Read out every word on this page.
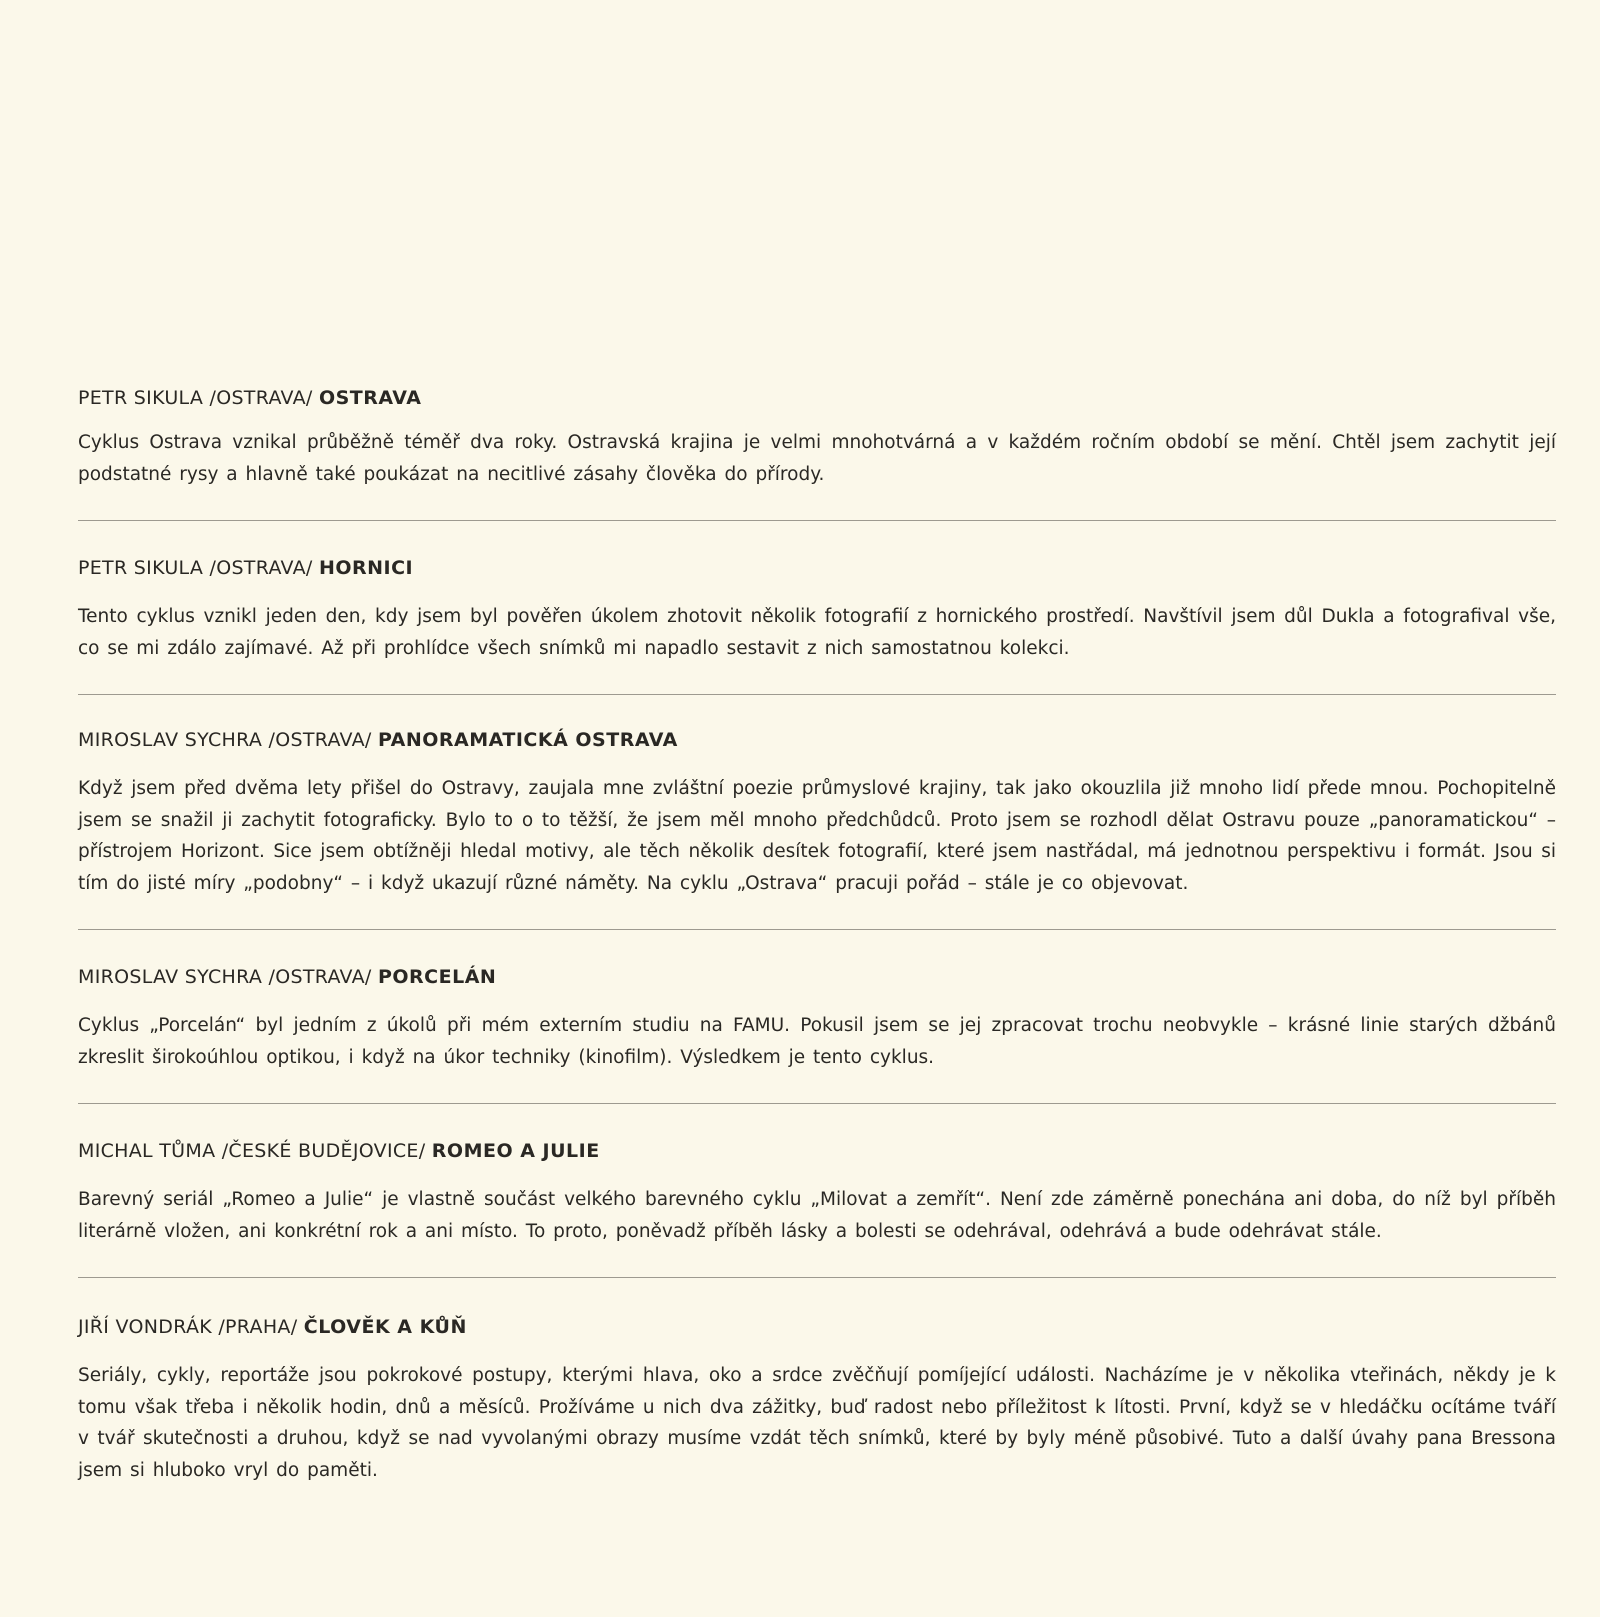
PETR SIKULA /OSTRAVA/ OSTRAVA

Cyklus Ostrava vznikal průběžně téměř dva roky. Ostravská krajina je velmi mnohotvárná a v každém ročním období se mění. Chtěl jsem zachytit její podstatné rysy a hlavně také poukázat na necitlivé zásahy člověka do přírody.

PETR SIKULA /OSTRAVA/ HORNICI

Tento cyklus vznikl jeden den, kdy jsem byl pověřen úkolem zhotovit několik fotografií z hornického prostředí. Navštívil jsem důl Dukla a fotografival vše, co se mi zdálo zajímavé. Až při prohlídce všech snímků mi napadlo sestavit z nich samostatnou kolekci.

MIROSLAV SYCHRA /OSTRAVA/ PANORAMATICKÁ OSTRAVA

Když jsem před dvěma lety přišel do Ostravy, zaujala mne zvláštní poezie průmyslové krajiny, tak jako okouzlila již mnoho lidí přede mnou. Pochopitelně jsem se snažil ji zachytit fotograficky. Bylo to o to těžší, že jsem měl mnoho předchůdců. Proto jsem se rozhodl dělat Ostravu pouze „panoramatickou“ – přístrojem Horizont. Sice jsem obtížněji hledal motivy, ale těch několik desítek fotografií, které jsem nastřádal, má jednotnou perspektivu i formát. Jsou si tím do jisté míry „podobny“ – i když ukazují různé náměty. Na cyklu „Ostrava“ pracuji pořád – stále je co objevovat.

MIROSLAV SYCHRA /OSTRAVA/ PORCELÁN

Cyklus „Porcelán“ byl jedním z úkolů při mém externím studiu na FAMU. Pokusil jsem se jej zpracovat trochu neobvykle – krásné linie starých džbánů zkreslit širokoúhlou optikou, i když na úkor techniky (kinofilm). Výsledkem je tento cyklus.

MICHAL TŮMA /ČESKÉ BUDĚJOVICE/ ROMEO A JULIE

Barevný seriál „Romeo a Julie“ je vlastně součást velkého barevného cyklu „Milovat a zemřít“. Není zde záměrně ponechána ani doba, do níž byl příběh literárně vložen, ani konkrétní rok a ani místo. To proto, poněvadž příběh lásky a bolesti se odehrával, odehrává a bude odehrávat stále.

JIŘÍ VONDRÁK /PRAHA/ ČLOVĚK A KŮŇ

Seriály, cykly, reportáže jsou pokrokové postupy, kterými hlava, oko a srdce zvěčňují pomíjející události. Nacházíme je v několika vteřinách, někdy je k tomu však třeba i několik hodin, dnů a měsíců. Prožíváme u nich dva zážitky, buď radost nebo příležitost k lítosti. První, když se v hledáčku ocítáme tváří v tvář skutečnosti a druhou, když se nad vyvolanými obrazy musíme vzdát těch snímků, které by byly méně působivé. Tuto a další úvahy pana Bressona jsem si hluboko vryl do paměti.
